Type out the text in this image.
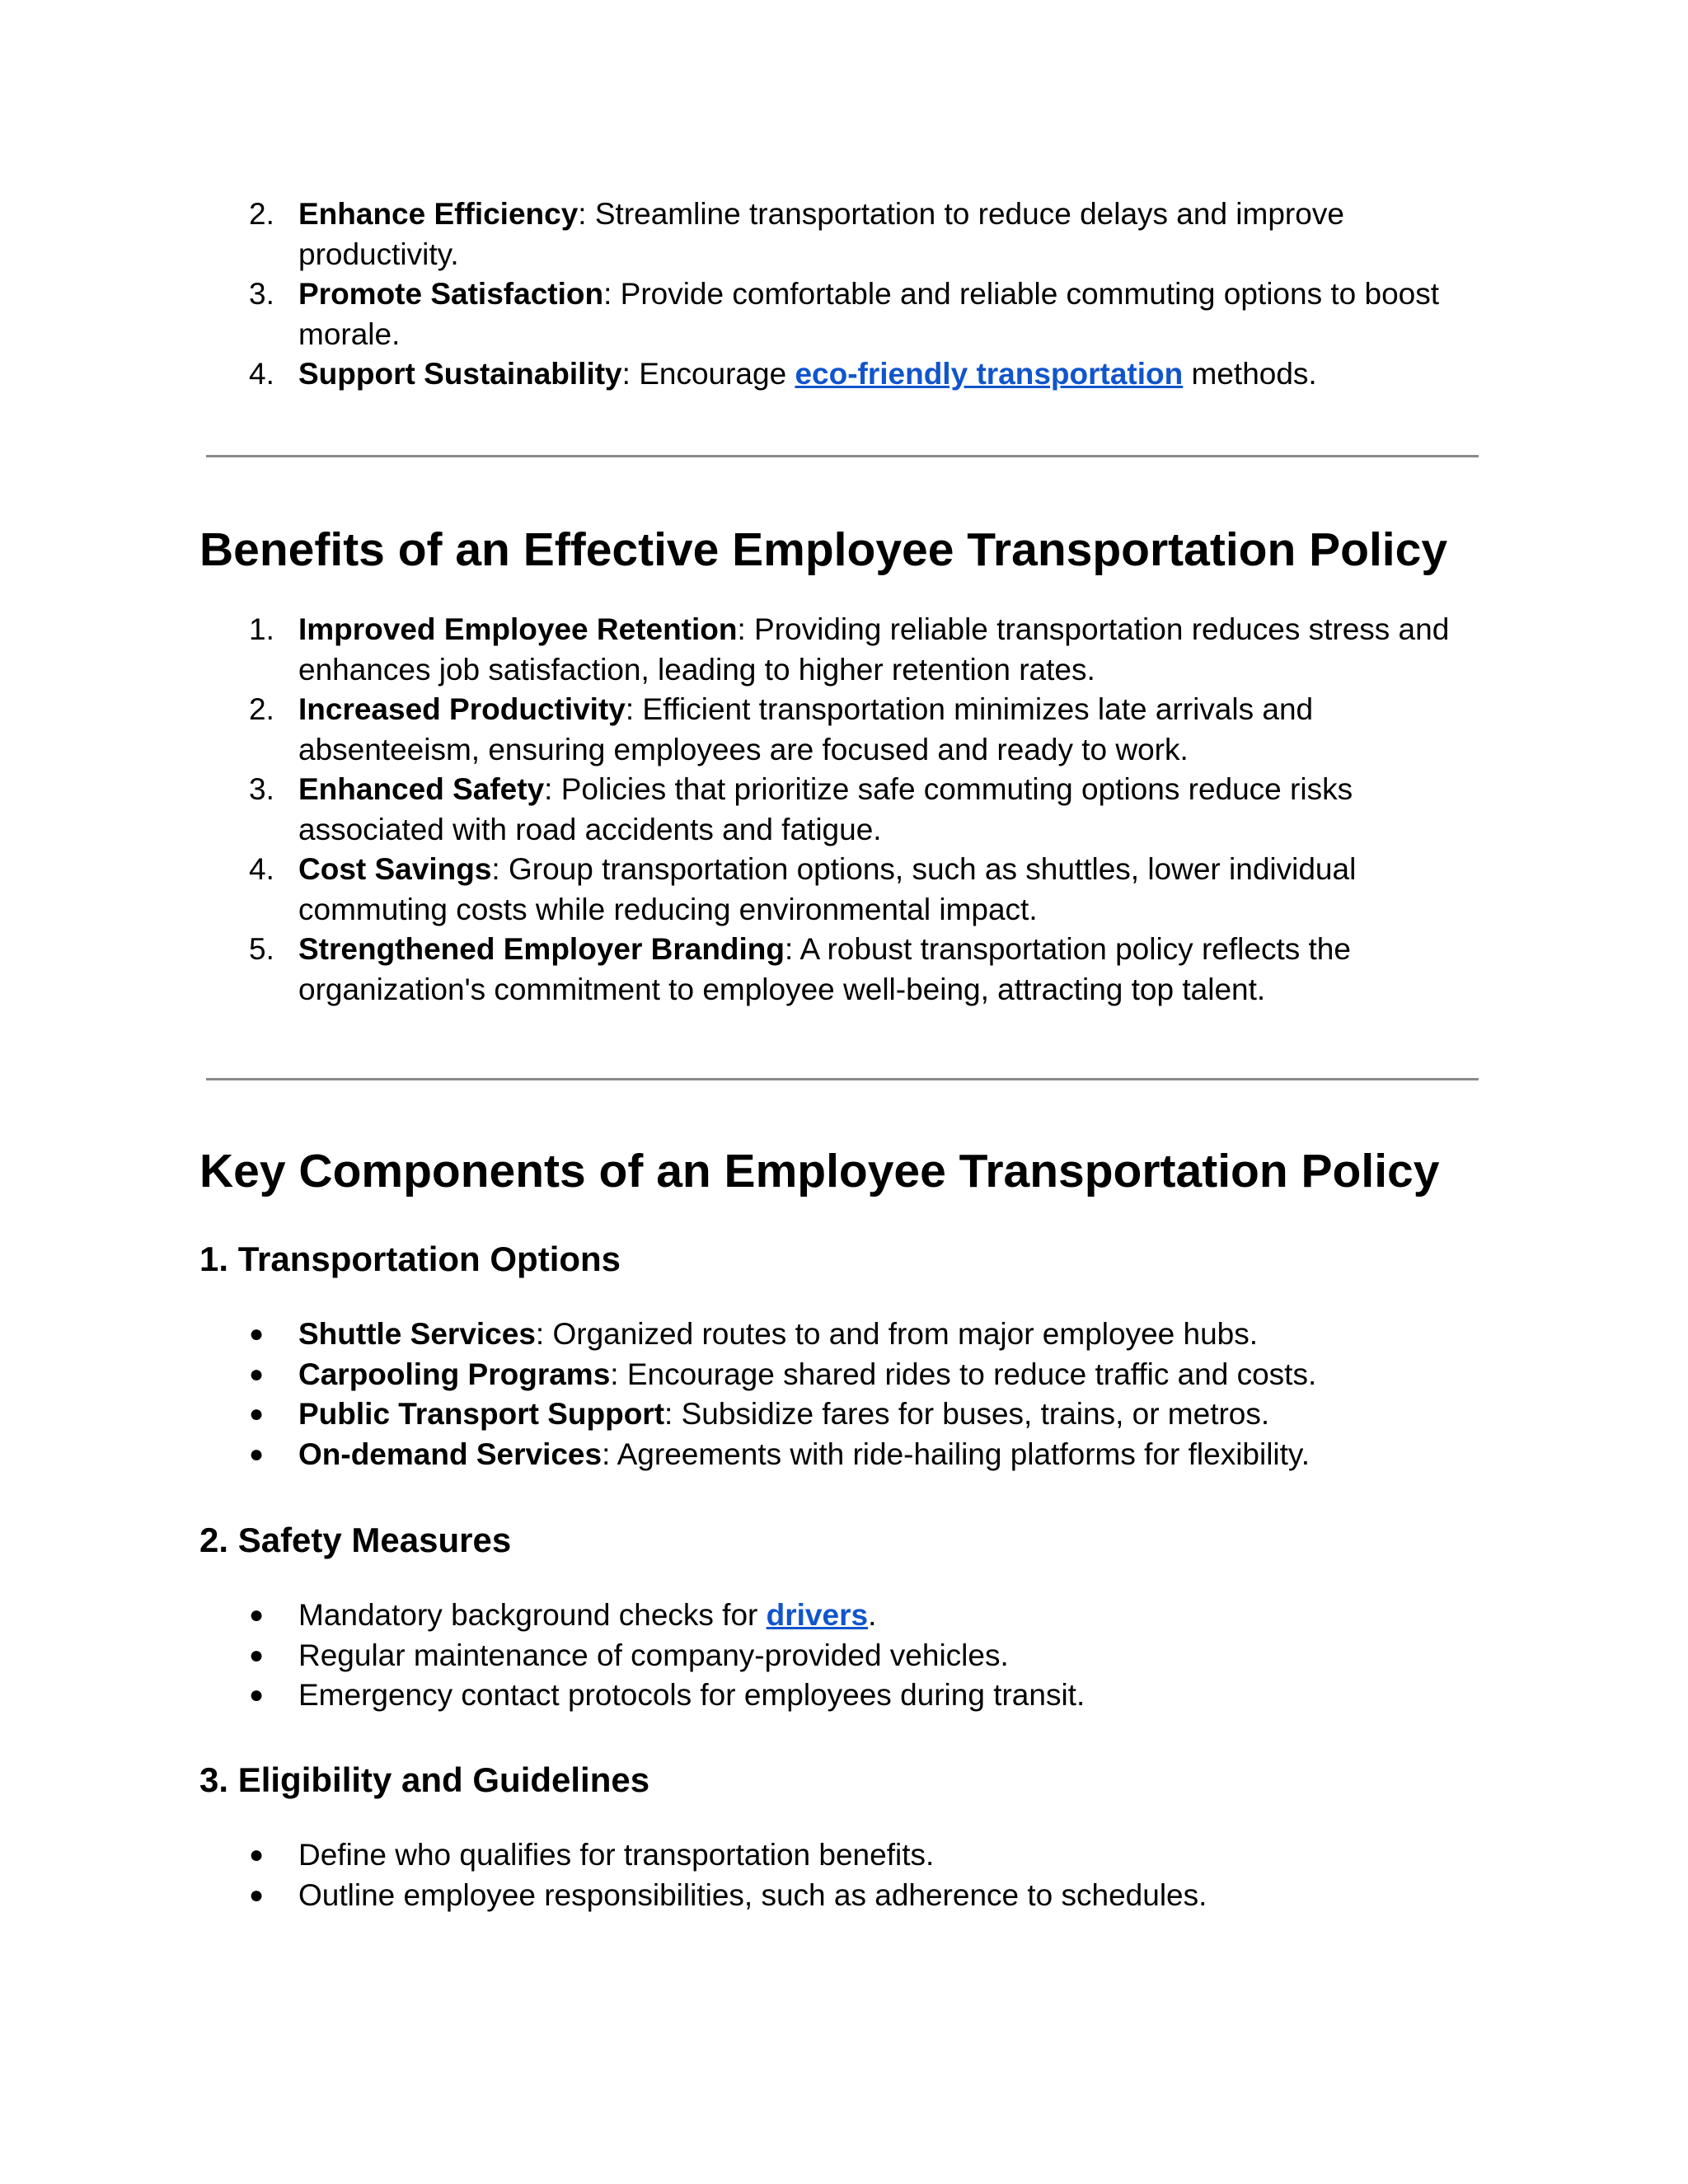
2. Enhance Efficiency: Streamline transportation to reduce delays and improve
productivity.
3. Promote Satisfaction: Provide comfortable and reliable commuting options to boost
morale.
4. Support Sustainability: Encourage eco-friendly transportation methods.
Benefits of an Effective Employee Transportation Policy
1. Improved Employee Retention: Providing reliable transportation reduces stress and
enhances job satisfaction, leading to higher retention rates.
2. Increased Productivity: Efficient transportation minimizes late arrivals and
absenteeism, ensuring employees are focused and ready to work.
3. Enhanced Safety: Policies that prioritize safe commuting options reduce risks
associated with road accidents and fatigue.
4. Cost Savings: Group transportation options, such as shuttles, lower individual
commuting costs while reducing environmental impact.
5. Strengthened Employer Branding: A robust transportation policy reflects the
organization's commitment to employee well-being, attracting top talent.
Key Components of an Employee Transportation Policy
1. Transportation Options
● Shuttle Services: Organized routes to and from major employee hubs.
● Carpooling Programs: Encourage shared rides to reduce traffic and costs.
● Public Transport Support: Subsidize fares for buses, trains, or metros.
● On-demand Services: Agreements with ride-hailing platforms for flexibility.
2. Safety Measures
● Mandatory background checks for drivers.
● Regular maintenance of company-provided vehicles.
● Emergency contact protocols for employees during transit.
3. Eligibility and Guidelines
● Define who qualifies for transportation benefits.
● Outline employee responsibilities, such as adherence to schedules.
